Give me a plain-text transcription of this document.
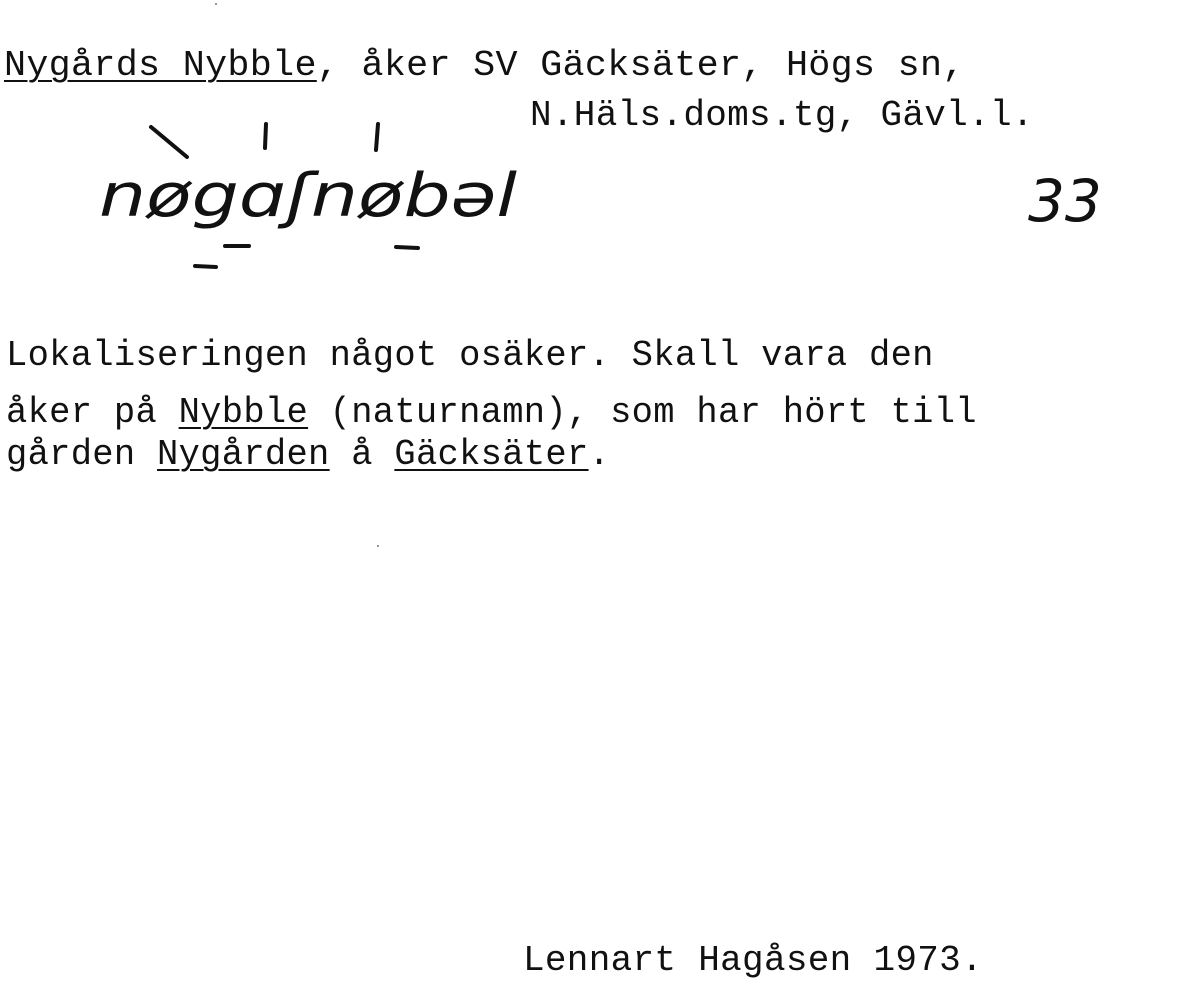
Nygårds Nybble, åker SV Gäcksäter, Högs sn,
N.Häls.doms.tg, Gävl.l.
nøgɑʃnøbəl	33
Lokaliseringen något osäker. Skall vara den
åker på Nybble (naturnamn), som har hört till
gården Nygården å Gäcksäter.
Lennart Hagåsen 1973.
